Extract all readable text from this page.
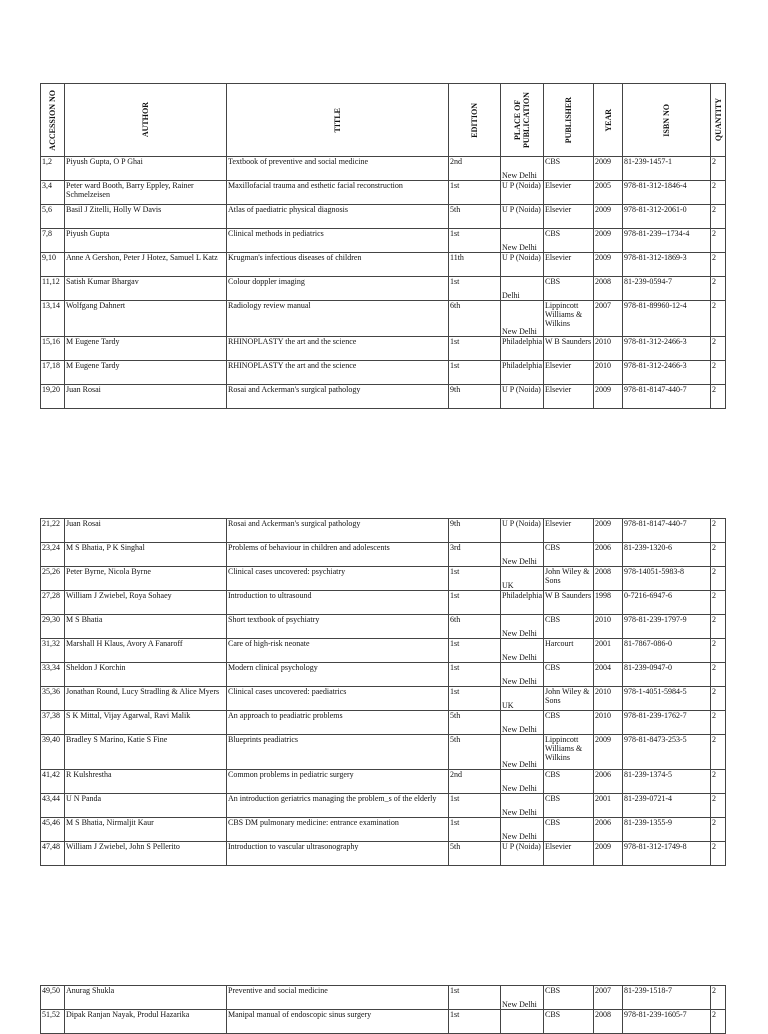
ACCESSION NO	AUTHOR	TITLE	EDITION	PLACE OF PUBLICATION	PUBLISHER	YEAR	ISBN NO	QUANTITY

1,2	Piyush Gupta, O P Ghai	Textbook of preventive and social medicine	2nd	New Delhi	CBS	2009	81-239-1457-1	2
3,4	Peter ward Booth, Barry Eppley, Rainer Schmelzeisen	Maxillofacial trauma and esthetic facial reconstruction	1st	U P (Noida)	Elsevier	2005	978-81-312-1846-4	2
5,6	Basil J Zitelli, Holly W Davis	Atlas of paediatric physical diagnosis	5th	U P (Noida)	Elsevier	2009	978-81-312-2061-0	2
7,8	Piyush Gupta	Clinical methods in pediatrics	1st	New Delhi	CBS	2009	978-81-239--1734-4	2
9,10	Anne A Gershon, Peter J Hotez, Samuel L Katz	Krugman's infectious diseases of children	11th	U P (Noida)	Elsevier	2009	978-81-312-1869-3	2
11,12	Satish Kumar Bhargav	Colour doppler imaging	1st	Delhi	CBS	2008	81-239-0594-7	2
13,14	Wolfgang Dahnert	Radiology review manual	6th	New Delhi	Lippincott Williams & Wilkins	2007	978-81-89960-12-4	2
15,16	M Eugene Tardy	RHINOPLASTY the art and the science	1st	Philadelphia	W B Saunders	2010	978-81-312-2466-3	2
17,18	M Eugene Tardy	RHINOPLASTY the art and the science	1st	Philadelphia	Elsevier	2010	978-81-312-2466-3	2
19,20	Juan Rosai	Rosai and Ackerman's surgical pathology	9th	U P (Noida)	Elsevier	2009	978-81-8147-440-7	2
21,22	Juan Rosai	Rosai and Ackerman's surgical pathology	9th	U P (Noida)	Elsevier	2009	978-81-8147-440-7	2
23,24	M S Bhatia, P K Singhal	Problems of behaviour in children and adolescents	3rd	New Delhi	CBS	2006	81-239-1320-6	2
25,26	Peter Byrne, Nicola Byrne	Clinical cases uncovered: psychiatry	1st	UK	John Wiley & Sons	2008	978-14051-5983-8	2
27,28	William J Zwiebel, Roya Sohaey	Introduction to ultrasound	1st	Philadelphia	W B Saunders	1998	0-7216-6947-6	2
29,30	M S Bhatia	Short textbook of psychiatry	6th	New Delhi	CBS	2010	978-81-239-1797-9	2
31,32	Marshall H Klaus, Avory A Fanaroff	Care of high-risk neonate	1st	New Delhi	Harcourt	2001	81-7867-086-0	2
33,34	Sheldon J Korchin	Modern clinical psychology	1st	New Delhi	CBS	2004	81-239-0947-0	2
35,36	Jonathan Round, Lucy Stradling & Alice Myers	Clinical cases uncovered: paediatrics	1st	UK	John Wiley & Sons	2010	978-1-4051-5984-5	2
37,38	S K Mittal, Vijay Agarwal, Ravi Malik	An approach to peadiatric problems	5th	New Delhi	CBS	2010	978-81-239-1762-7	2
39,40	Bradley S Marino, Katie S Fine	Blueprints peadiatrics	5th	New Delhi	Lippincott Williams & Wilkins	2009	978-81-8473-253-5	2
41,42	R Kulshrestha	Common problems in pediatric surgery	2nd	New Delhi	CBS	2006	81-239-1374-5	2
43,44	U N Panda	An introduction geriatrics managing the problem_s of the elderly	1st	New Delhi	CBS	2001	81-239-0721-4	2
45,46	M S Bhatia, Nirmaljit Kaur	CBS DM pulmonary medicine: entrance examination	1st	New Delhi	CBS	2006	81-239-1355-9	2
47,48	William J Zwiebel, John S Pellerito	Introduction to vascular ultrasonography	5th	U P (Noida)	Elsevier	2009	978-81-312-1749-8	2
49,50	Anurag Shukla	Preventive and social medicine	1st	New Delhi	CBS	2007	81-239-1518-7	2
51,52	Dipak Ranjan Nayak, Produl Hazarika	Manipal manual of endoscopic sinus surgery	1st		CBS	2008	978-81-239-1605-7	2
